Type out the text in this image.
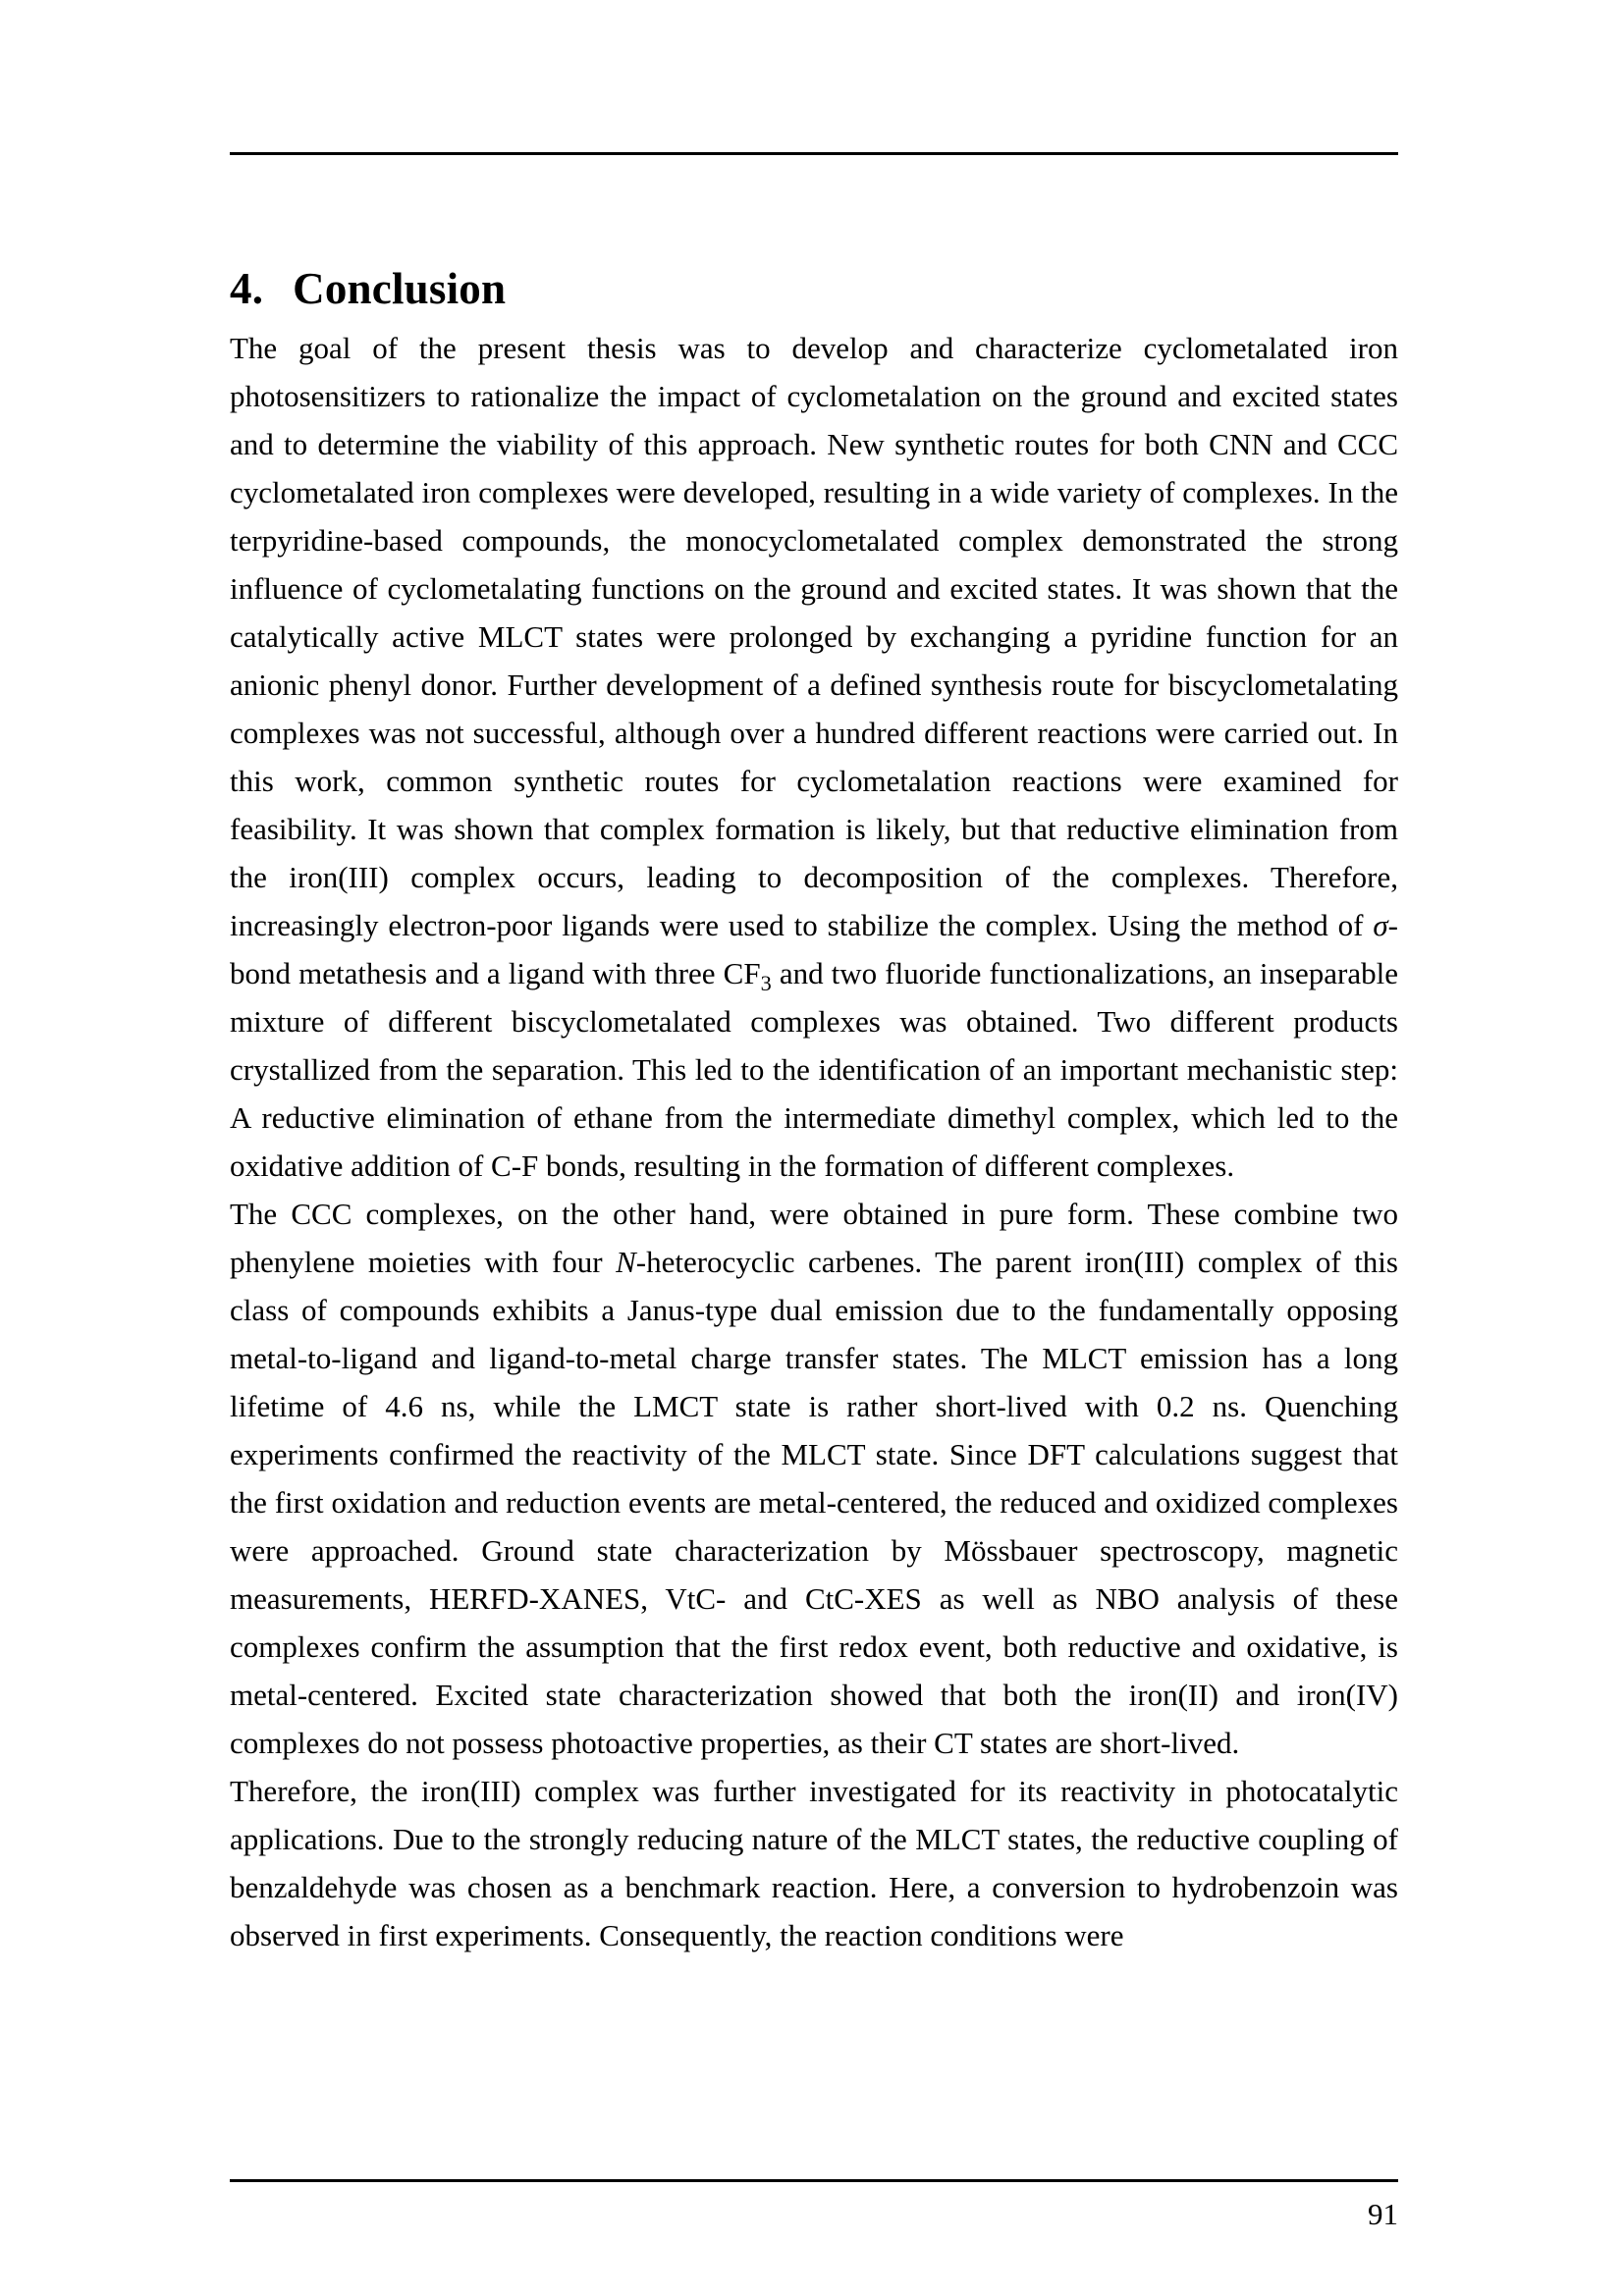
4. Conclusion

The goal of the present thesis was to develop and characterize cyclometalated iron photosensitizers to rationalize the impact of cyclometalation on the ground and excited states and to determine the viability of this approach. New synthetic routes for both CNN and CCC cyclometalated iron complexes were developed, resulting in a wide variety of complexes. In the terpyridine-based compounds, the monocyclometalated complex demonstrated the strong influence of cyclometalating functions on the ground and excited states. It was shown that the catalytically active MLCT states were prolonged by exchanging a pyridine function for an anionic phenyl donor. Further development of a defined synthesis route for biscyclometalating complexes was not successful, although over a hundred different reactions were carried out. In this work, common synthetic routes for cyclometalation reactions were examined for feasibility. It was shown that complex formation is likely, but that reductive elimination from the iron(III) complex occurs, leading to decomposition of the complexes. Therefore, increasingly electron-poor ligands were used to stabilize the complex. Using the method of σ-bond metathesis and a ligand with three $CF_3$ and two fluoride functionalizations, an inseparable mixture of different biscyclometalated complexes was obtained. Two different products crystallized from the separation. This led to the identification of an important mechanistic step: A reductive elimination of ethane from the intermediate dimethyl complex, which led to the oxidative addition of C-F bonds, resulting in the formation of different complexes.

The CCC complexes, on the other hand, were obtained in pure form. These combine two phenylene moieties with four N-heterocyclic carbenes. The parent iron(III) complex of this class of compounds exhibits a Janus-type dual emission due to the fundamentally opposing metal-to-ligand and ligand-to-metal charge transfer states. The MLCT emission has a long lifetime of 4.6 ns, while the LMCT state is rather short-lived with 0.2 ns. Quenching experiments confirmed the reactivity of the MLCT state. Since DFT calculations suggest that the first oxidation and reduction events are metal-centered, the reduced and oxidized complexes were approached. Ground state characterization by Mössbauer spectroscopy, magnetic measurements, HERFD-XANES, VtC- and CtC-XES as well as NBO analysis of these complexes confirm the assumption that the first redox event, both reductive and oxidative, is metal-centered. Excited state characterization showed that both the iron(II) and iron(IV) complexes do not possess photoactive properties, as their CT states are short-lived.

Therefore, the iron(III) complex was further investigated for its reactivity in photocatalytic applications. Due to the strongly reducing nature of the MLCT states, the reductive coupling of benzaldehyde was chosen as a benchmark reaction. Here, a conversion to hydrobenzoin was observed in first experiments. Consequently, the reaction conditions were

91
